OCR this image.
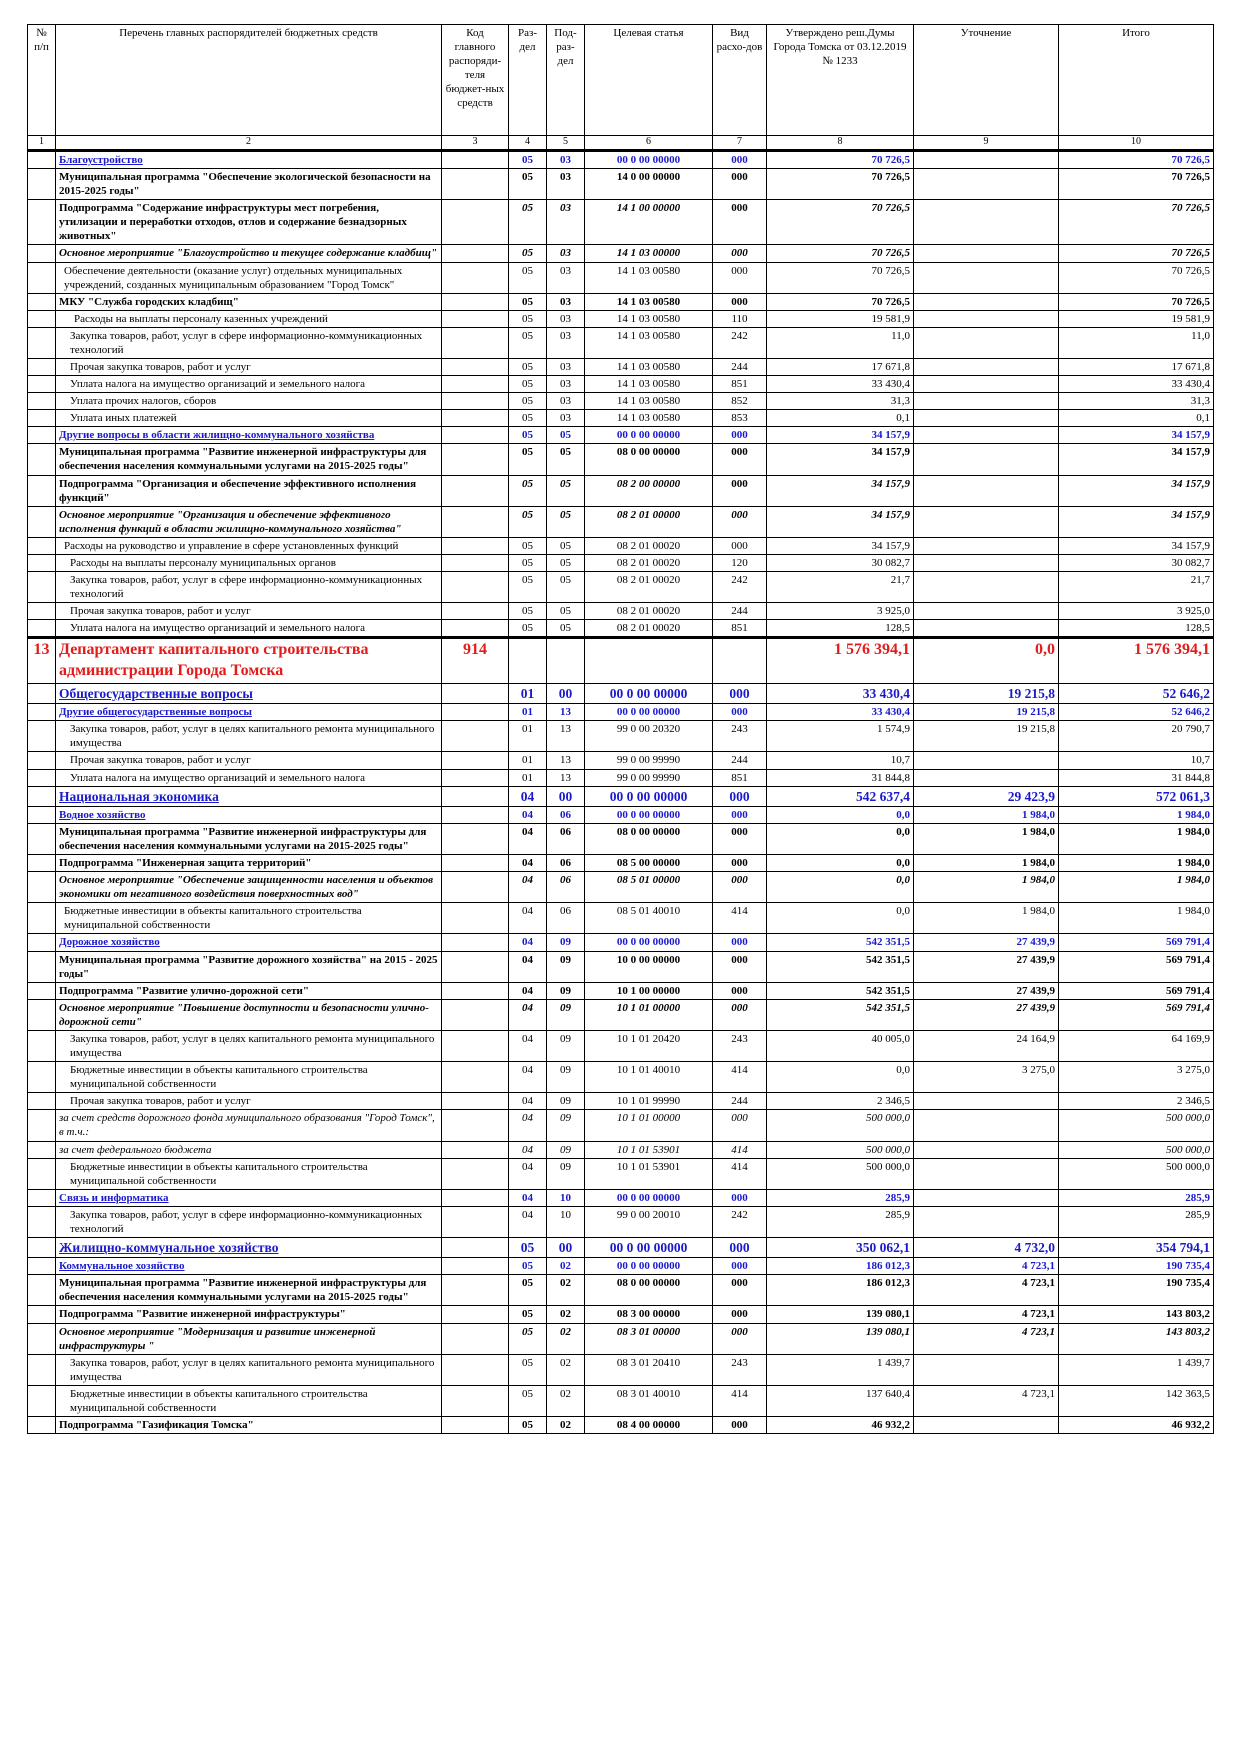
№ п/п	Перечень главных распорядителей бюджетных средств	Код главного распоряди-теля бюджет-ных средств	Раз-дел	Под-раз-дел	Целевая статья	Вид расхо-дов	Утверждено реш.Думы Города Томска от 03.12.2019 № 1233	Уточнение	Итого
1	2	3	4	5	6	7	8	9	10
	Благоустройство		05	03	00 0 00 00000	000	70 726,5		70 726,5
	Муниципальная программа "Обеспечение экологической безопасности на 2015-2025 годы"		05	03	14 0 00 00000	000	70 726,5		70 726,5
	Подпрограмма "Содержание инфраструктуры мест погребения, утилизации и переработки отходов, отлов и содержание безнадзорных животных"		05	03	14 1 00 00000	000	70 726,5		70 726,5
	Основное мероприятие "Благоустройство и текущее содержание кладбищ"		05	03	14 1 03 00000	000	70 726,5		70 726,5
	Обеспечение деятельности (оказание услуг) отдельных муниципальных учреждений, созданных муниципальным образованием "Город Томск"		05	03	14 1 03 00580	000	70 726,5		70 726,5
	МКУ "Служба городских кладбищ"		05	03	14 1 03 00580	000	70 726,5		70 726,5
	Расходы на выплаты персоналу казенных учреждений		05	03	14 1 03 00580	110	19 581,9		19 581,9
	Закупка товаров, работ, услуг в сфере информационно-коммуникационных технологий		05	03	14 1 03 00580	242	11,0		11,0
	Прочая закупка товаров, работ и услуг		05	03	14 1 03 00580	244	17 671,8		17 671,8
	Уплата налога на имущество организаций и земельного налога		05	03	14 1 03 00580	851	33 430,4		33 430,4
	Уплата прочих налогов, сборов		05	03	14 1 03 00580	852	31,3		31,3
	Уплата иных платежей		05	03	14 1 03 00580	853	0,1		0,1
	Другие вопросы в области жилищно-коммунального хозяйства		05	05	00 0 00 00000	000	34 157,9		34 157,9
	Муниципальная программа "Развитие инженерной инфраструктуры для обеспечения населения коммунальными услугами на 2015-2025 годы"		05	05	08 0 00 00000	000	34 157,9		34 157,9
	Подпрограмма "Организация и обеспечение эффективного исполнения функций"		05	05	08 2 00 00000	000	34 157,9		34 157,9
	Основное мероприятие "Организация и обеспечение эффективного исполнения функций в области жилищно-коммунального хозяйства"		05	05	08 2 01 00000	000	34 157,9		34 157,9
	Расходы на руководство и управление в сфере установленных функций		05	05	08 2 01 00020	000	34 157,9		34 157,9
	Расходы на выплаты персоналу муниципальных органов		05	05	08 2 01 00020	120	30 082,7		30 082,7
	Закупка товаров, работ, услуг в сфере информационно-коммуникационных технологий		05	05	08 2 01 00020	242	21,7		21,7
	Прочая закупка товаров, работ и услуг		05	05	08 2 01 00020	244	3 925,0		3 925,0
	Уплата налога на имущество организаций и земельного налога		05	05	08 2 01 00020	851	128,5		128,5
13	Департамент капитального строительства администрации Города Томска	914					1 576 394,1	0,0	1 576 394,1
	Общегосударственные вопросы		01	00	00 0 00 00000	000	33 430,4	19 215,8	52 646,2
	Другие общегосударственные вопросы		01	13	00 0 00 00000	000	33 430,4	19 215,8	52 646,2
	Закупка товаров, работ, услуг в целях капитального ремонта муниципального имущества		01	13	99 0 00 20320	243	1 574,9	19 215,8	20 790,7
	Прочая закупка товаров, работ и услуг		01	13	99 0 00 99990	244	10,7		10,7
	Уплата налога на имущество организаций и земельного налога		01	13	99 0 00 99990	851	31 844,8		31 844,8
	Национальная экономика		04	00	00 0 00 00000	000	542 637,4	29 423,9	572 061,3
	Водное хозяйство		04	06	00 0 00 00000	000	0,0	1 984,0	1 984,0
	Муниципальная программа "Развитие инженерной инфраструктуры для обеспечения населения коммунальными услугами на 2015-2025 годы"		04	06	08 0 00 00000	000	0,0	1 984,0	1 984,0
	Подпрограмма "Инженерная защита территорий"		04	06	08 5 00 00000	000	0,0	1 984,0	1 984,0
	Основное мероприятие "Обеспечение защищенности населения и объектов экономики от негативного воздействия поверхностных вод"		04	06	08 5 01 00000	000	0,0	1 984,0	1 984,0
	Бюджетные инвестиции в объекты капитального строительства муниципальной собственности		04	06	08 5 01 40010	414	0,0	1 984,0	1 984,0
	Дорожное хозяйство		04	09	00 0 00 00000	000	542 351,5	27 439,9	569 791,4
	Муниципальная программа "Развитие дорожного хозяйства" на 2015 - 2025 годы"		04	09	10 0 00 00000	000	542 351,5	27 439,9	569 791,4
	Подпрограмма "Развитие улично-дорожной сети"		04	09	10 1 00 00000	000	542 351,5	27 439,9	569 791,4
	Основное мероприятие "Повышение доступности и безопасности улично-дорожной сети"		04	09	10 1 01 00000	000	542 351,5	27 439,9	569 791,4
	Закупка товаров, работ, услуг в целях капитального ремонта муниципального имущества		04	09	10 1 01 20420	243	40 005,0	24 164,9	64 169,9
	Бюджетные инвестиции в объекты капитального строительства муниципальной собственности		04	09	10 1 01 40010	414	0,0	3 275,0	3 275,0
	Прочая закупка товаров, работ и услуг		04	09	10 1 01 99990	244	2 346,5		2 346,5
	за счет средств дорожного фонда муниципального образования "Город Томск", в т.ч.:		04	09	10 1 01 00000	000	500 000,0		500 000,0
	за счет федерального бюджета		04	09	10 1 01 53901	414	500 000,0		500 000,0
	Бюджетные инвестиции в объекты капитального строительства муниципальной собственности		04	09	10 1 01 53901	414	500 000,0		500 000,0
	Связь и информатика		04	10	00 0 00 00000	000	285,9		285,9
	Закупка товаров, работ, услуг в сфере информационно-коммуникационных технологий		04	10	99 0 00 20010	242	285,9		285,9
	Жилищно-коммунальное хозяйство		05	00	00 0 00 00000	000	350 062,1	4 732,0	354 794,1
	Коммунальное хозяйство		05	02	00 0 00 00000	000	186 012,3	4 723,1	190 735,4
	Муниципальная программа "Развитие инженерной инфраструктуры для обеспечения населения коммунальными услугами на 2015-2025 годы"		05	02	08 0 00 00000	000	186 012,3	4 723,1	190 735,4
	Подпрограмма "Развитие инженерной инфраструктуры"		05	02	08 3 00 00000	000	139 080,1	4 723,1	143 803,2
	Основное мероприятие "Модернизация и развитие инженерной инфраструктуры "		05	02	08 3 01 00000	000	139 080,1	4 723,1	143 803,2
	Закупка товаров, работ, услуг в целях капитального ремонта муниципального имущества		05	02	08 3 01 20410	243	1 439,7		1 439,7
	Бюджетные инвестиции в объекты капитального строительства муниципальной собственности		05	02	08 3 01 40010	414	137 640,4	4 723,1	142 363,5
	Подпрограмма "Газификация Томска"		05	02	08 4 00 00000	000	46 932,2		46 932,2
